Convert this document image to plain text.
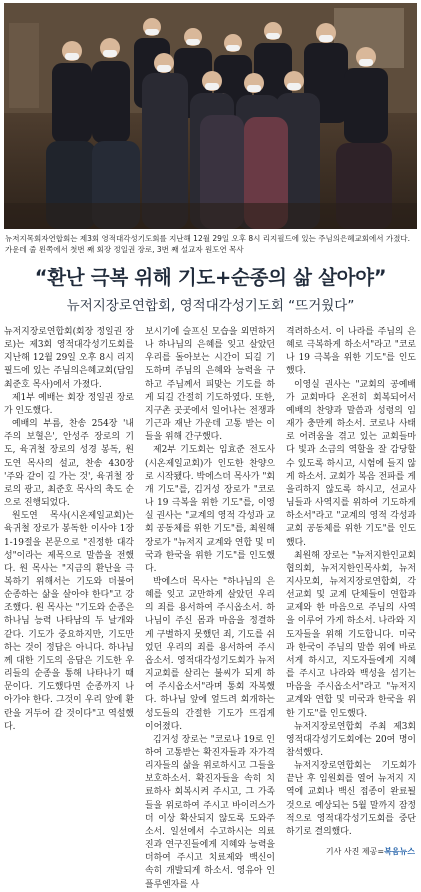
뉴저지목회자연합회는 제3회 영적대각성기도회를 지난해 12월 29일 오후 8시 리지필드에 있는 주님의은혜교회에서 가졌다. 가운데 줄 왼쪽에서 첫번 째 회장 정일권 장로, 3번 째 설교자 원도연 목사
“환난 극복 위해 기도+순종의 삶 살아야”
뉴저지장로연합회, 영적대각성기도회 “뜨거웠다”

뉴저지장로연합회(회장 정일권 장로)는 제3회 영적대각성기도회를 지난해 12월 29일 오후 8시 리지필드에 있는 주님의은혜교회(담임 최준호 목사)에서 가졌다.

제1부 예배는 회장 정일권 장로가 인도했다.

예배의 부름, 찬송 254장 '내 주의 보혈은', 안성주 장로의 기도, 육귀철 장로의 성경 봉독, 원도연 목사의 설교, 찬송 430장 '주와 같이 길 가는 것', 육귀철 장로의 광고, 최준호 목사의 축도 순으로 진행되었다.

원도연 목사(시온제일교회)는 육귀철 장로가 봉독한 이사야 1장 1-19절을 본문으로 "진정한 대각성"이라는 제목으로 말씀을 전했다. 원 목사는 "지금의 환난을 극복하기 위해서는 기도와 더불어 순종하는 삶을 살아야 한다"고 강조했다. 원 목사는 "기도와 순종은 하나님 능력 나타남의 두 날개와 같다. 기도가 중요하지만, 기도만 하는 것이 정답은 아니다. 하나님께 대한 기도의 응답은 기도한 우리들의 순종을 통해 나타나기 때문이다. 기도했다면 순종까지 나아가야 한다. 그것이 우리 앞에 환란을 거두어 갈 것이다"고 역설했다.

보시기에 슬프신 모습을 외면하거나 하나님의 은혜를 잊고 살았던 우리를 돌아보는 시간이 되길 기도하며 주님의 은혜와 능력을 구하고 주님께서 피맞는 기도를 하게 되길 간절히 기도하였다. 또한, 지구촌 곳곳에서 일어나는 전쟁과 기근과 재난 가운데 고통 받는 이들을 위해 간구했다.

제2부 기도회는 임효준 전도사(시온제일교회)가 인도한 찬양으로 시작됐다. 박에스더 목사가 "회개 기도"를, 김거성 장로가 "코로나 19 극복을 위한 기도"를, 이영실 권사는 "교계의 영적 각성과 교회 공동체를 위한 기도"를, 최원해 장로가 "뉴저지 교계와 연합 및 미국과 한국을 위한 기도"를 인도했다.

박에스더 목사는 "하나님의 은혜를 잊고 교만하게 살았던 우리의 죄를 용서하여 주시옵소서. 하나님이 주신 몸과 마음을 정결하게 구별하지 못했던 죄, 기도를 쉬었던 우리의 죄를 용서하여 주시옵소서. 영적대각성기도회가 뉴저지교회를 살리는 불씨가 되게 하여 주시옵소서"라며 통회 자복했다. 하나님 앞에 엎드려 회개하는 성도들의 간절한 기도가 뜨겁게 이어졌다.

김거성 장로는 "코로나 19로 인하여 고통받는 확진자들과 자가격리자들의 삶을 위로하시고 그들을 보호하소서. 확진자들을 속히 치료하사 회복시켜 주시고, 그 가족들을 위로하여 주시고 바이러스가 더 이상 확산되지 않도록 도와주소서. 일선에서 수고하시는 의료진과 연구진들에게 지혜와 능력을 더하여 주시고 치료제와 백신이 속히 개발되게 하소서. 영유아 인플루엔자를 사

격려하소서. 이 나라를 주님의 은혜로 극복하게 하소서"라고 "코로나 19 극복을 위한 기도"를 인도했다.

이영실 권사는 "교회의 공예배가 교회마다 온전히 회복되어서 예배의 찬양과 말씀과 성령의 임재가 충만케 하소서. 코로나 사태로 어려움을 겪고 있는 교회들마다 빛과 소금의 역할을 잘 감당할 수 있도록 하시고, 시험에 들지 않게 하소서. 교회가 복음 전파를 게을리하지 않도록 하시고, 선교사님들과 사역지를 위하여 기도하게 하소서"라고 "교계의 영적 각성과 교회 공동체를 위한 기도"를 인도했다.

최원해 장로는 "뉴저지한인교회협의회, 뉴저지한인목사회, 뉴저지사모회, 뉴저지장로연합회, 각 선교회 및 교계 단체들이 연합과 교제와 한 마음으로 주님의 사역을 이루어 가게 하소서. 나라와 지도자들을 위해 기도합니다. 미국과 한국이 주님의 말씀 위에 바로 서게 하시고, 지도자들에게 지혜를 주시고 나라와 백성을 섬기는 마음을 주시옵소서"라고 "뉴저지 교계와 연합 및 미국과 한국을 위한 기도"를 인도했다.

뉴저지장로연합회 주최 제3회 영적대각성기도회에는 20여 명이 참석했다.

뉴저지장로연합회는 기도회가 끝난 후 임원회를 열어 뉴저지 지역에 교회나 백신 접종이 완료될 것으로 예상되는 5월 말까지 잠정적으로 영적대각성기도회를 중단하기로 결의했다.

기사 사진 제공=복음뉴스
